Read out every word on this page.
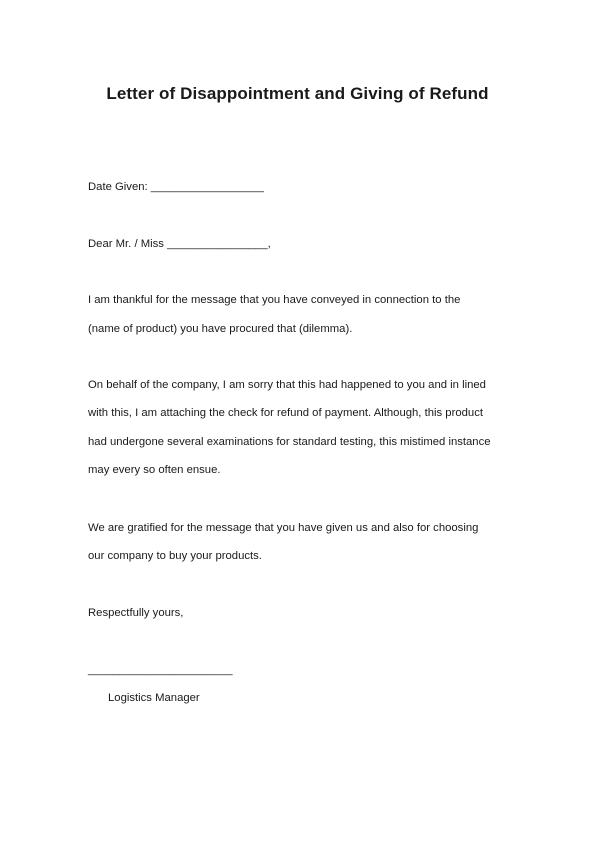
Letter of Disappointment and Giving of Refund

Date Given: __________________

Dear Mr. / Miss ________________,

I am thankful for the message that you have conveyed in connection to the

(name of product) you have procured that (dilemma).

On behalf of the company, I am sorry that this had happened to you and in lined

with this, I am attaching the check for refund of payment. Although, this product

had undergone several examinations for standard testing, this mistimed instance

may every so often ensue.

We are gratified for the message that you have given us and also for choosing

our company to buy your products.

Respectfully yours,

_______________________

Logistics Manager
